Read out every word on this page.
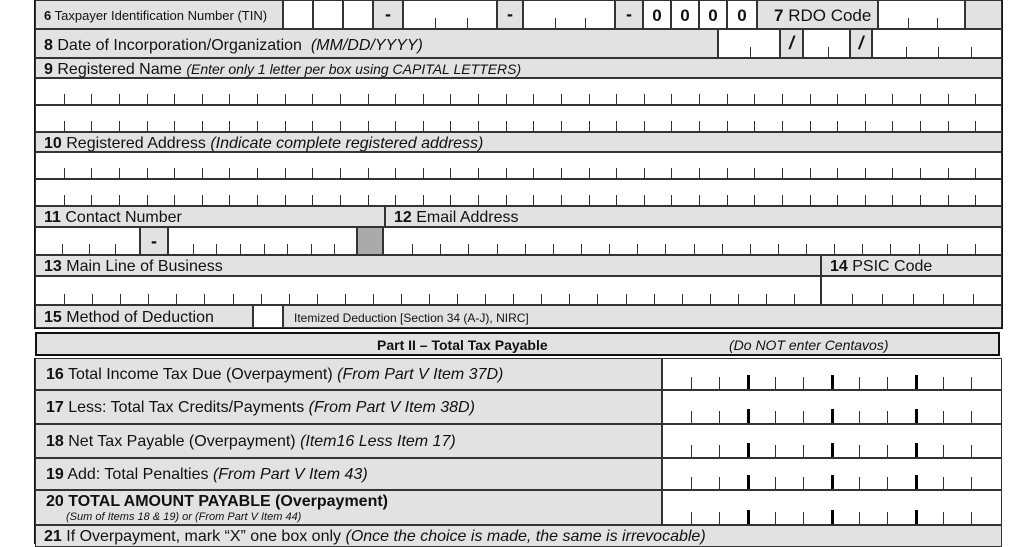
6 Taxpayer Identification Number (TIN)	-	-	-	0	0	0	0	7 RDO Code
8 Date of Incorporation/Organization (MM/DD/YYYY)	/	/
9 Registered Name (Enter only 1 letter per box using CAPITAL LETTERS)
10 Registered Address (Indicate complete registered address)
11 Contact Number	12 Email Address
-
13 Main Line of Business	14 PSIC Code
15 Method of Deduction	Itemized Deduction [Section 34 (A-J), NIRC]
Part II – Total Tax Payable	(Do NOT enter Centavos)
16 Total Income Tax Due (Overpayment) (From Part V Item 37D)
17 Less: Total Tax Credits/Payments (From Part V Item 38D)
18 Net Tax Payable (Overpayment) (Item16 Less Item 17)
19 Add: Total Penalties (From Part V Item 43)
20 TOTAL AMOUNT PAYABLE (Overpayment)
(Sum of Items 18 & 19) or (From Part V Item 44)
21 If Overpayment, mark “X” one box only (Once the choice is made, the same is irrevocable)
